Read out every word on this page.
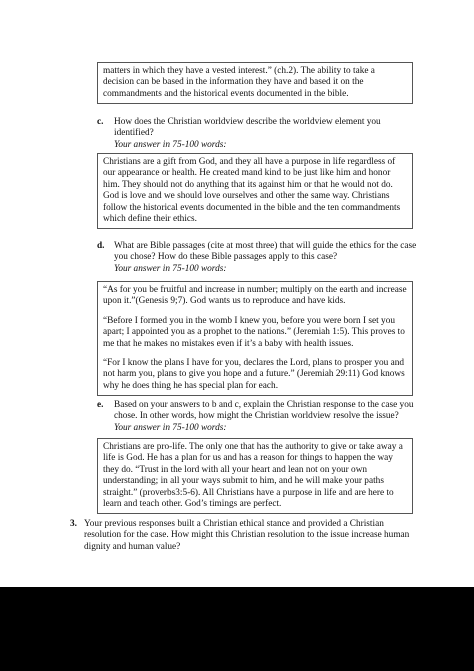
matters in which they have a vested interest.” (ch.2). The ability to take a decision can be based in the information they have and based it on the commandments and the historical events documented in the bible.

c. How does the Christian worldview describe the worldview element you identified?
Your answer in 75-100 words:

Christians are a gift from God, and they all have a purpose in life regardless of our appearance or health. He created mand kind to be just like him and honor him. They should not do anything that its against him or that he would not do. God is love and we should love ourselves and other the same way. Christians follow the historical events documented in the bible and the ten commandments which define their ethics.

d. What are Bible passages (cite at most three) that will guide the ethics for the case you chose? How do these Bible passages apply to this case?
Your answer in 75-100 words:

“As for you be fruitful and increase in number; multiply on the earth and increase upon it.”(Genesis 9;7). God wants us to reproduce and have kids.

“Before I formed you in the womb I knew you, before you were born I set you apart; I appointed you as a prophet to the nations.” (Jeremiah 1:5). This proves to me that he makes no mistakes even if it’s a baby with health issues.

“For I know the plans I have for you, declares the Lord, plans to prosper you and not harm you, plans to give you hope and a future.” (Jeremiah 29:11) God knows why he does thing he has special plan for each.

e. Based on your answers to b and c, explain the Christian response to the case you chose. In other words, how might the Christian worldview resolve the issue?
Your answer in 75-100 words:

Christians are pro-life. The only one that has the authority to give or take away a life is God. He has a plan for us and has a reason for things to happen the way they do. “Trust in the lord with all your heart and lean not on your own understanding; in all your ways submit to him, and he will make your paths straight.” (proverbs3:5-6). All Christians have a purpose in life and are here to learn and teach other. God’s timings are perfect.

3. Your previous responses built a Christian ethical stance and provided a Christian resolution for the case. How might this Christian resolution to the issue increase human dignity and human value?
